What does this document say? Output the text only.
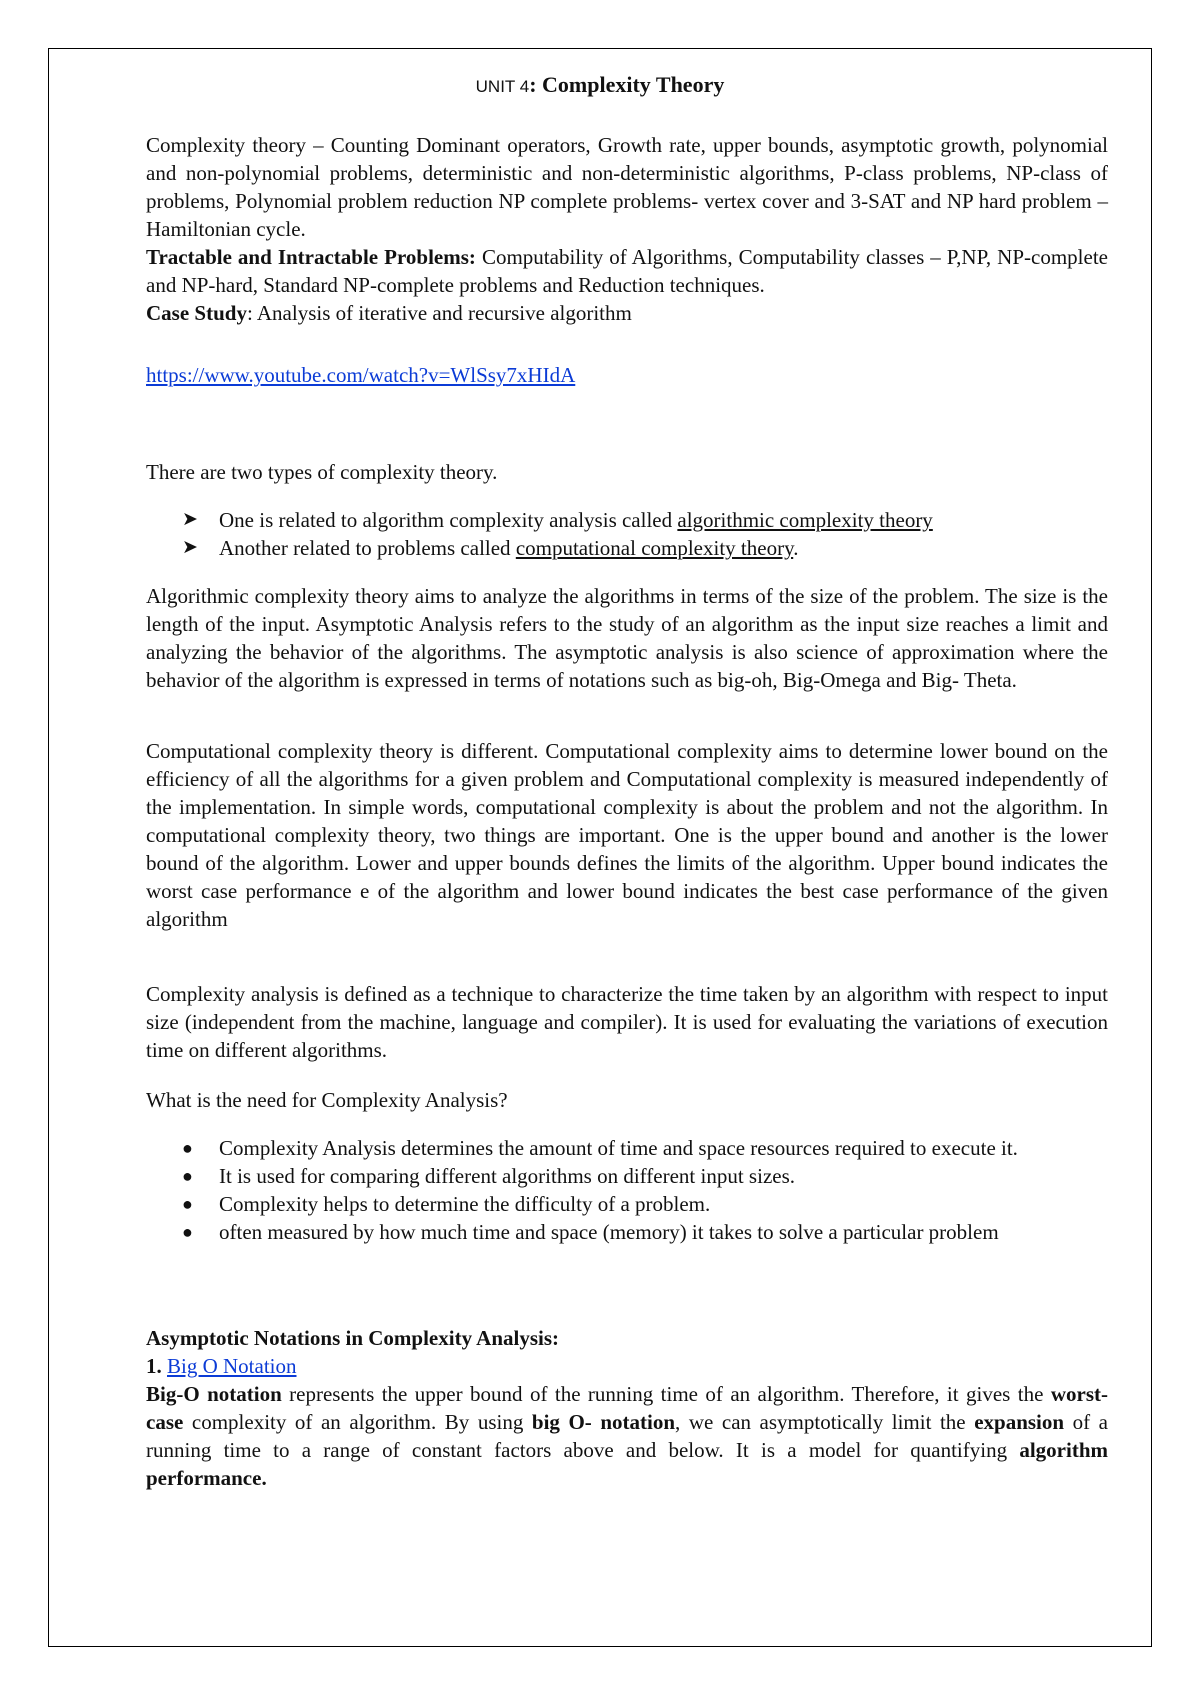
UNIT 4: Complexity Theory

Complexity theory – Counting Dominant operators, Growth rate, upper bounds, asymptotic growth, polynomial and non-polynomial problems, deterministic and non-deterministic algorithms, P-class problems, NP-class of problems, Polynomial problem reduction NP complete problems- vertex cover and 3-SAT and NP hard problem – Hamiltonian cycle.

Tractable and Intractable Problems: Computability of Algorithms, Computability classes – P,NP, NP-complete and NP-hard, Standard NP-complete problems and Reduction techniques.

Case Study: Analysis of iterative and recursive algorithm

https://www.youtube.com/watch?v=WlSsy7xHIdA

There are two types of complexity theory.

➤ One is related to algorithm complexity analysis called algorithmic complexity theory
➤ Another related to problems called computational complexity theory.

Algorithmic complexity theory aims to analyze the algorithms in terms of the size of the problem. The size is the length of the input. Asymptotic Analysis refers to the study of an algorithm as the input size reaches a limit and analyzing the behavior of the algorithms. The asymptotic analysis is also science of approximation where the behavior of the algorithm is expressed in terms of notations such as big-oh, Big-Omega and Big- Theta.

Computational complexity theory is different. Computational complexity aims to determine lower bound on the efficiency of all the algorithms for a given problem and Computational complexity is measured independently of the implementation. In simple words, computational complexity is about the problem and not the algorithm. In computational complexity theory, two things are important. One is the upper bound and another is the lower bound of the algorithm. Lower and upper bounds defines the limits of the algorithm. Upper bound indicates the worst case performance e of the algorithm and lower bound indicates the best case performance of the given algorithm

Complexity analysis is defined as a technique to characterize the time taken by an algorithm with respect to input size (independent from the machine, language and compiler). It is used for evaluating the variations of execution time on different algorithms.

What is the need for Complexity Analysis?

● Complexity Analysis determines the amount of time and space resources required to execute it.
● It is used for comparing different algorithms on different input sizes.
● Complexity helps to determine the difficulty of a problem.
● often measured by how much time and space (memory) it takes to solve a particular problem

Asymptotic Notations in Complexity Analysis:

1. Big O Notation

Big-O notation represents the upper bound of the running time of an algorithm. Therefore, it gives the worst-case complexity of an algorithm. By using big O- notation, we can asymptotically limit the expansion of a running time to a range of constant factors above and below. It is a model for quantifying algorithm performance.
